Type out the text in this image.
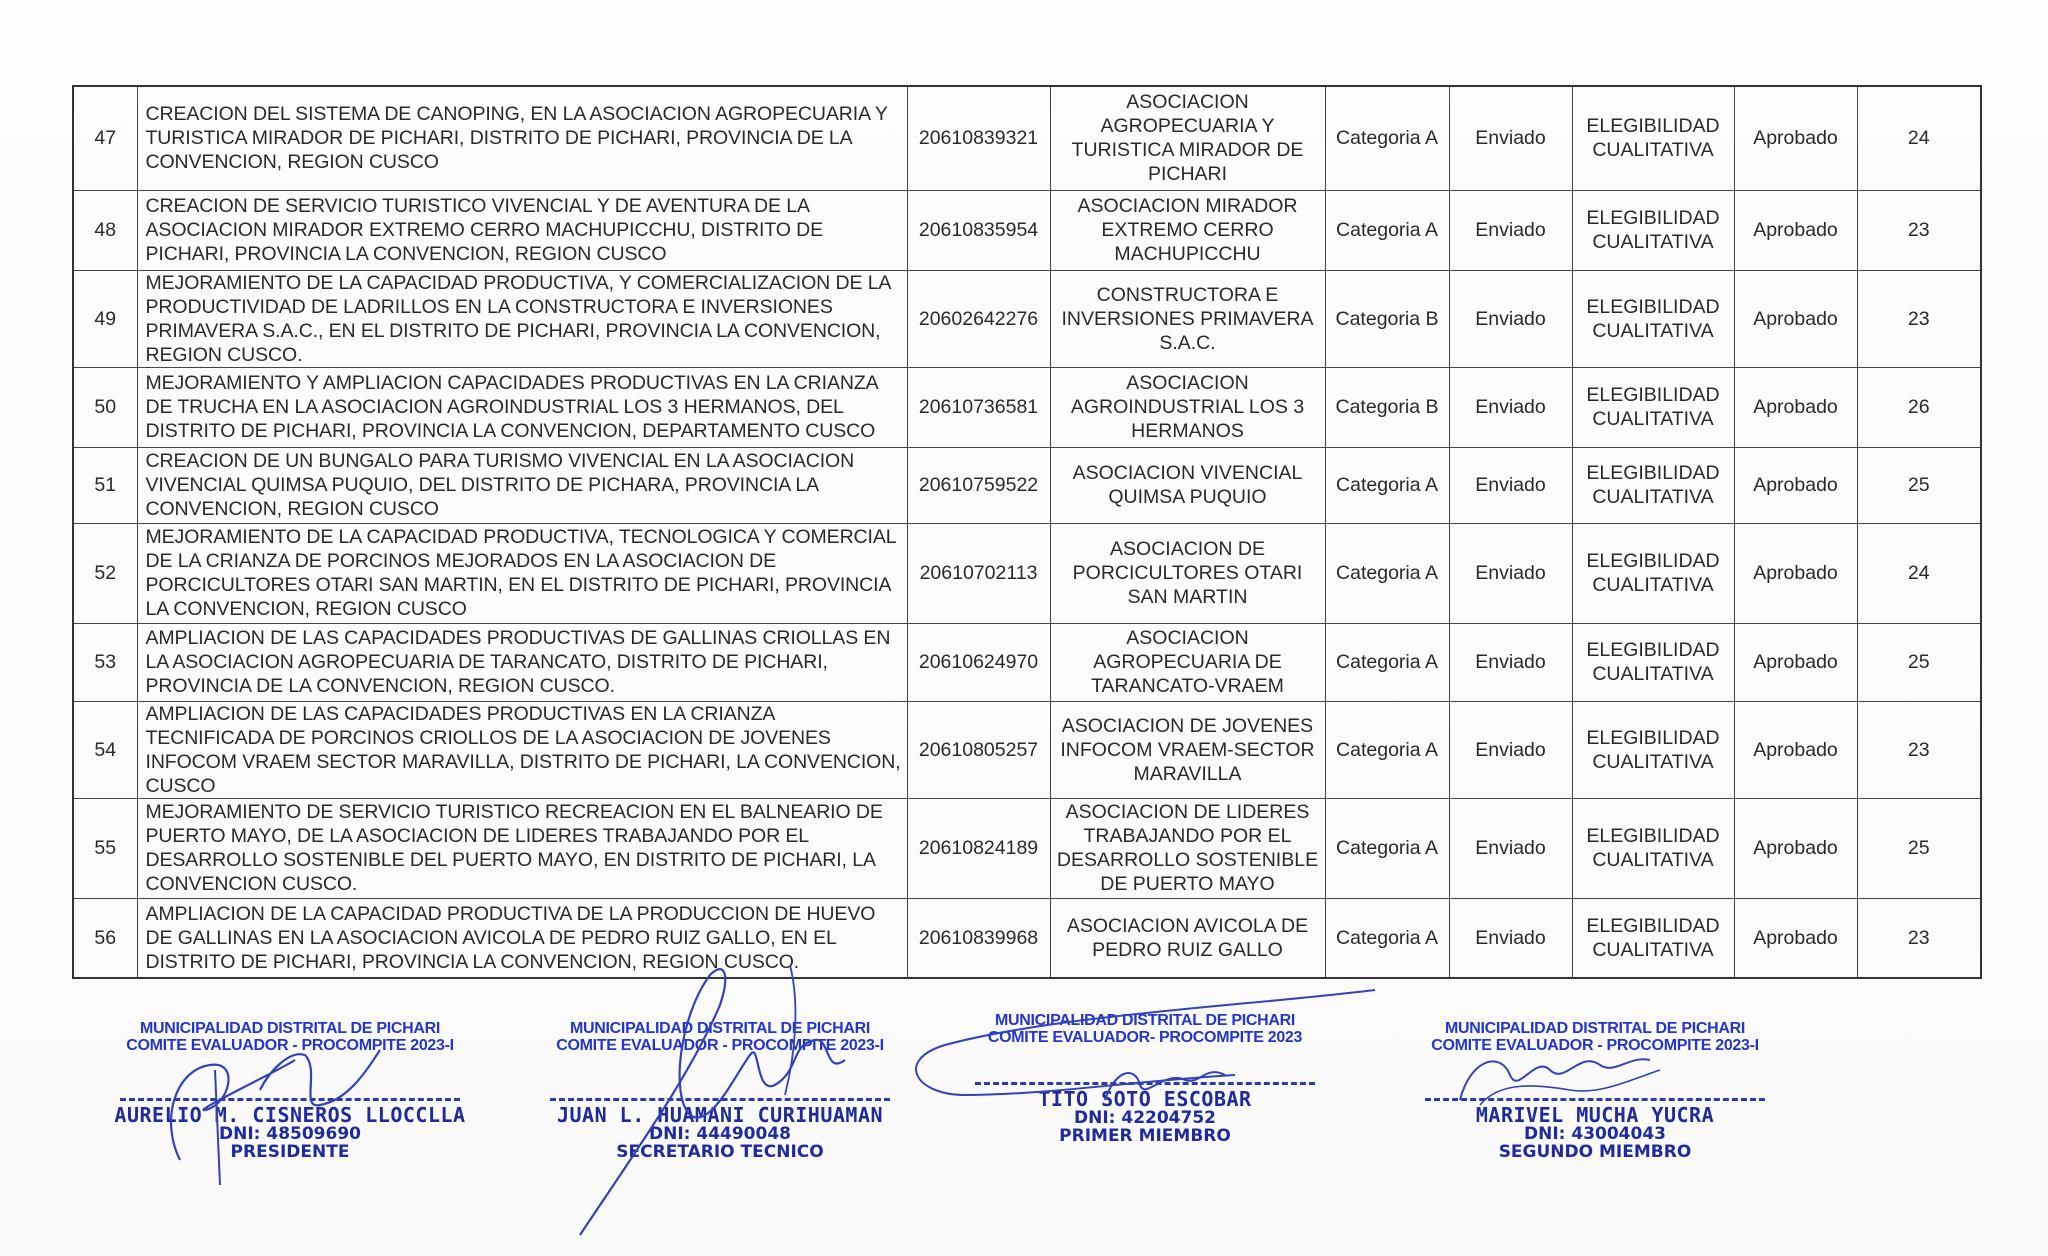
47	CREACION DEL SISTEMA DE CANOPING, EN LA ASOCIACION AGROPECUARIA Y TURISTICA MIRADOR DE PICHARI, DISTRITO DE PICHARI, PROVINCIA DE LA CONVENCION, REGION CUSCO	20610839321	ASOCIACION AGROPECUARIA Y TURISTICA MIRADOR DE PICHARI	Categoria A	Enviado	ELEGIBILIDAD CUALITATIVA	Aprobado	24
48	CREACION DE SERVICIO TURISTICO VIVENCIAL Y DE AVENTURA DE LA ASOCIACION MIRADOR EXTREMO CERRO MACHUPICCHU, DISTRITO DE PICHARI, PROVINCIA LA CONVENCION, REGION CUSCO	20610835954	ASOCIACION MIRADOR EXTREMO CERRO MACHUPICCHU	Categoria A	Enviado	ELEGIBILIDAD CUALITATIVA	Aprobado	23
49	MEJORAMIENTO DE LA CAPACIDAD PRODUCTIVA, Y COMERCIALIZACION DE LA PRODUCTIVIDAD DE LADRILLOS EN LA CONSTRUCTORA E INVERSIONES PRIMAVERA S.A.C., EN EL DISTRITO DE PICHARI, PROVINCIA LA CONVENCION, REGION CUSCO.	20602642276	CONSTRUCTORA E INVERSIONES PRIMAVERA S.A.C.	Categoria B	Enviado	ELEGIBILIDAD CUALITATIVA	Aprobado	23
50	MEJORAMIENTO Y AMPLIACION CAPACIDADES PRODUCTIVAS EN LA CRIANZA DE TRUCHA EN LA ASOCIACION AGROINDUSTRIAL LOS 3 HERMANOS, DEL DISTRITO DE PICHARI, PROVINCIA LA CONVENCION, DEPARTAMENTO CUSCO	20610736581	ASOCIACION AGROINDUSTRIAL LOS 3 HERMANOS	Categoria B	Enviado	ELEGIBILIDAD CUALITATIVA	Aprobado	26
51	CREACION DE UN BUNGALO PARA TURISMO VIVENCIAL EN LA ASOCIACION VIVENCIAL QUIMSA PUQUIO, DEL DISTRITO DE PICHARA, PROVINCIA LA CONVENCION, REGION CUSCO	20610759522	ASOCIACION VIVENCIAL QUIMSA PUQUIO	Categoria A	Enviado	ELEGIBILIDAD CUALITATIVA	Aprobado	25
52	MEJORAMIENTO DE LA CAPACIDAD PRODUCTIVA, TECNOLOGICA Y COMERCIAL DE LA CRIANZA DE PORCINOS MEJORADOS EN LA ASOCIACION DE PORCICULTORES OTARI SAN MARTIN, EN EL DISTRITO DE PICHARI, PROVINCIA LA CONVENCION, REGION CUSCO	20610702113	ASOCIACION DE PORCICULTORES OTARI SAN MARTIN	Categoria A	Enviado	ELEGIBILIDAD CUALITATIVA	Aprobado	24
53	AMPLIACION DE LAS CAPACIDADES PRODUCTIVAS DE GALLINAS CRIOLLAS EN LA ASOCIACION AGROPECUARIA DE TARANCATO, DISTRITO DE PICHARI, PROVINCIA DE LA CONVENCION, REGION CUSCO.	20610624970	ASOCIACION AGROPECUARIA DE TARANCATO-VRAEM	Categoria A	Enviado	ELEGIBILIDAD CUALITATIVA	Aprobado	25
54	AMPLIACION DE LAS CAPACIDADES PRODUCTIVAS EN LA CRIANZA TECNIFICADA DE PORCINOS CRIOLLOS DE LA ASOCIACION DE JOVENES INFOCOM VRAEM SECTOR MARAVILLA, DISTRITO DE PICHARI, LA CONVENCION, CUSCO	20610805257	ASOCIACION DE JOVENES INFOCOM VRAEM-SECTOR MARAVILLA	Categoria A	Enviado	ELEGIBILIDAD CUALITATIVA	Aprobado	23
55	MEJORAMIENTO DE SERVICIO TURISTICO RECREACION EN EL BALNEARIO DE PUERTO MAYO, DE LA ASOCIACION DE LIDERES TRABAJANDO POR EL DESARROLLO SOSTENIBLE DEL PUERTO MAYO, EN DISTRITO DE PICHARI, LA CONVENCION CUSCO.	20610824189	ASOCIACION DE LIDERES TRABAJANDO POR EL DESARROLLO SOSTENIBLE DE PUERTO MAYO	Categoria A	Enviado	ELEGIBILIDAD CUALITATIVA	Aprobado	25
56	AMPLIACION DE LA CAPACIDAD PRODUCTIVA DE LA PRODUCCION DE HUEVO DE GALLINAS EN LA ASOCIACION AVICOLA DE PEDRO RUIZ GALLO, EN EL DISTRITO DE PICHARI, PROVINCIA LA CONVENCION, REGION CUSCO.	20610839968	ASOCIACION AVICOLA DE PEDRO RUIZ GALLO	Categoria A	Enviado	ELEGIBILIDAD CUALITATIVA	Aprobado	23
MUNICIPALIDAD DISTRITAL DE PICHARI
COMITE EVALUADOR - PROCOMPITE 2023-I
AURELIO M. CISNEROS LLOCCLLA
DNI: 48509690
PRESIDENTE
MUNICIPALIDAD DISTRITAL DE PICHARI
COMITE EVALUADOR - PROCOMPITE 2023-I
JUAN L. HUAMANI CURIHUAMAN
DNI: 44490048
SECRETARIO TECNICO
MUNICIPALIDAD DISTRITAL DE PICHARI
COMITE EVALUADOR- PROCOMPITE 2023
TITO SOTO ESCOBAR
DNI: 42204752
PRIMER MIEMBRO
MUNICIPALIDAD DISTRITAL DE PICHARI
COMITE EVALUADOR - PROCOMPITE 2023-I
MARIVEL MUCHA YUCRA
DNI: 43004043
SEGUNDO MIEMBRO
